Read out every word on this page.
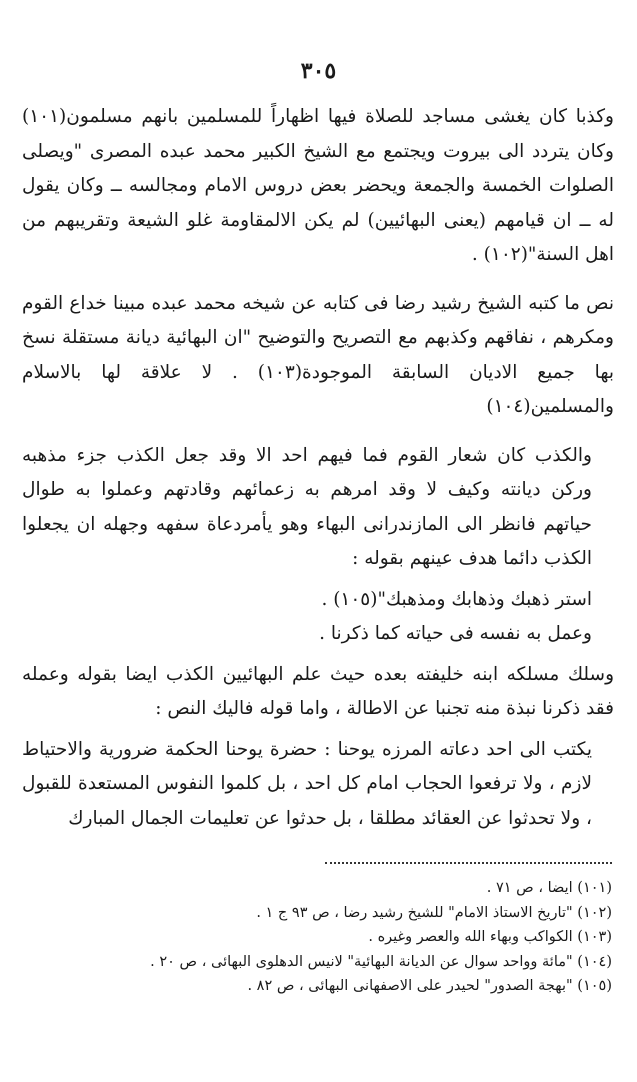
٣٠٥

وكذبا كان يغشى مساجد للصلاة فيها اظهاراً للمسلمين بانهم مسلمون(١٠١) وكان يتردد الى بيروت ويجتمع مع الشيخ الكبير محمد عبده المصرى "ويصلى الصلوات الخمسة والجمعة ويحضر بعض دروس الامام ومجالسه ــ وكان يقول له ــ ان قيامهم (يعنى البهائيين) لم يكن الالمقاومة غلو الشيعة وتقريبهم من اهل السنة"(١٠٢) .

نص ما كتبه الشيخ رشيد رضا فى كتابه عن شيخه محمد عبده مبينا خداع القوم ومكرهم ، نفاقهم وكذبهم مع التصريح والتوضيح "ان البهائية ديانة مستقلة نسخ بها جميع الاديان السابقة الموجودة(١٠٣) . لا علاقة لها بالاسلام والمسلمين(١٠٤)

والكذب كان شعار القوم فما فيهم احد الا وقد جعل الكذب جزء مذهبه وركن ديانته وكيف لا وقد امرهم به زعمائهم وقادتهم وعملوا به طوال حياتهم فانظر الى المازندرانى البهاء وهو يأمردعاة سفهه وجهله ان يجعلوا الكذب دائما هدف عينهم بقوله :

استر ذهبك وذهابك ومذهبك"(١٠٥) .

وعمل به نفسه فى حياته كما ذكرنا .

وسلك مسلكه ابنه خليفته بعده حيث علم البهائيين الكذب ايضا بقوله وعمله فقد ذكرنا نبذة منه تجنبا عن الاطالة ، واما قوله فاليك النص :

يكتب الى احد دعاته المرزه يوحنا : حضرة يوحنا الحكمة ضرورية والاحتياط لازم ، ولا ترفعوا الحجاب امام كل احد ، بل كلموا النفوس المستعدة للقبول ، ولا تحدثوا عن العقائد مطلقا ، بل حدثوا عن تعليمات الجمال المبارك

(١٠١) ايضا ، ص ٧١ .
(١٠٢) "تاريخ الاستاذ الامام" للشيخ رشيد رضا ، ص ٩٣ ج ١ .
(١٠٣) الكواكب وبهاء الله والعصر وغيره .
(١٠٤) "مائة وواحد سوال عن الديانة البهائية" لانيس الدهلوى البهائى ، ص ٢٠ .
(١٠٥) "بهجة الصدور" لحيدر على الاصفهانى البهائى ، ص ٨٢ .
